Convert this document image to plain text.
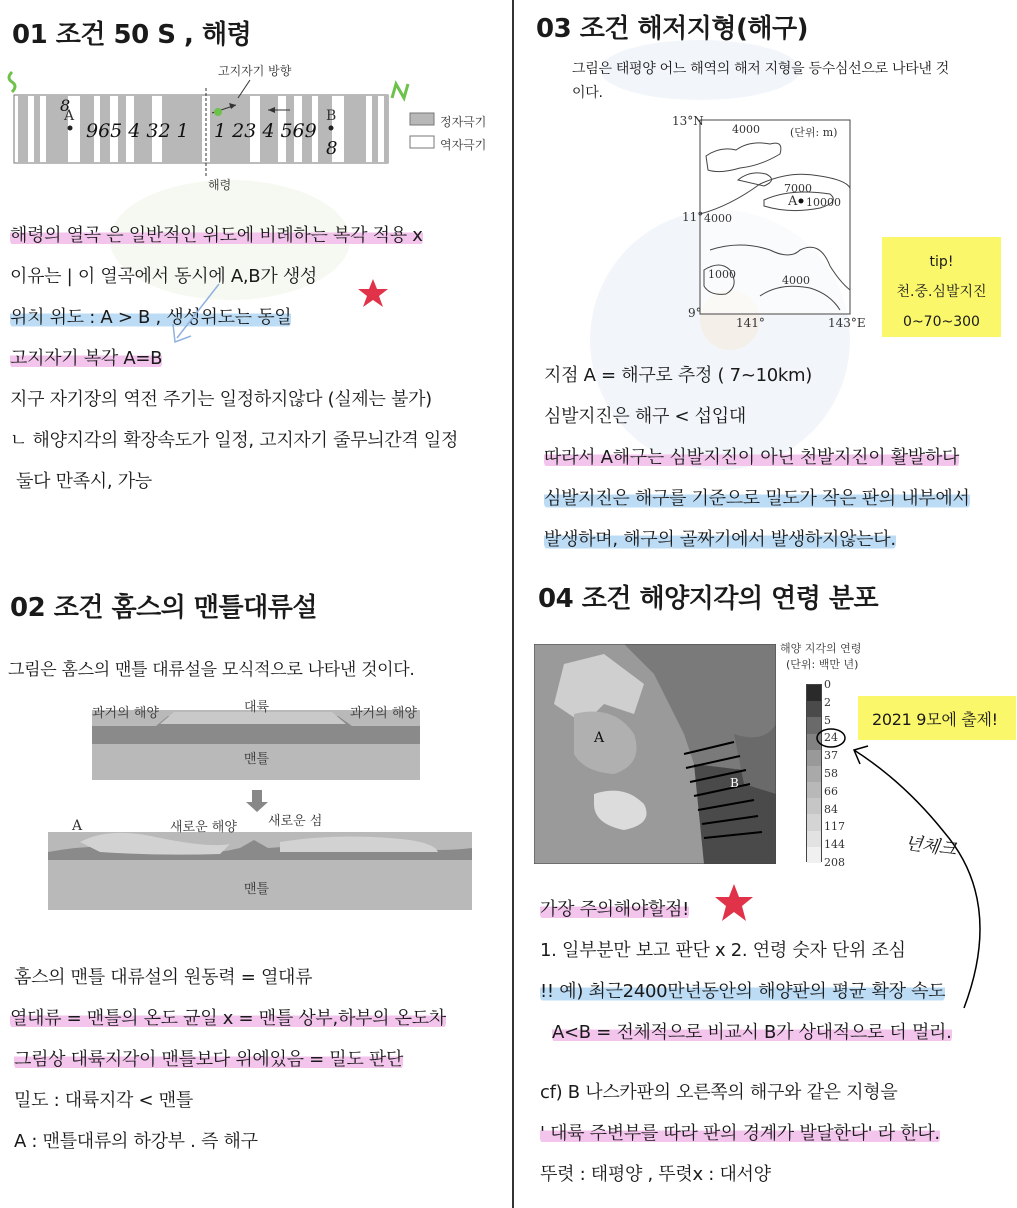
01 조건 50 S , 해령
고지자기 방향
해령
정자극기
역자극기
A	B
965 4 32 1 1 23 4 569
8
8
해령의 열곡 은 일반적인 위도에 비례하는 복각 적용 x
이유는 | 이 열곡에서 동시에 A,B가 생성
위치 위도 : A > B , 생성위도는 동일
고지자기 복각 A=B
지구 자기장의 역전 주기는 일정하지않다 (실제는 불가)
ㄴ 해양지각의 확장속도가 일정, 고지자기 줄무늬간격 일정
둘다 만족시, 가능
02 조건 홈스의 맨틀대류설
그림은 홈스의 맨틀 대류설을 모식적으로 나타낸 것이다.
과거의 해양	대륙	과거의 해양
맨틀
A	새로운 해양 새로운 섬
맨틀
홈스의 맨틀 대류설의 원동력 = 열대류
열대류 = 맨틀의 온도 균일 x = 맨틀 상부,하부의 온도차
그림상 대륙지각이 맨틀보다 위에있음 = 밀도 판단
밀도 : 대륙지각 < 맨틀
A : 맨틀대류의 하강부 . 즉 해구
03 조건 해저지형(해구)
그림은 태평양 어느 해역의 해저 지형을 등수심선으로 나타낸 것
이다.
13°N
11°
9°
141°	143°E
(단위: m)
4000
7000
A 10000
4000
1000	4000
tip!
천.중.심발지진
0~70~300
지점 A = 해구로 추정 ( 7~10km)
심발지진은 해구 < 섭입대
따라서 A해구는 심발지진이 아닌 천발지진이 활발하다
심발지진은 해구를 기준으로 밀도가 작은 판의 내부에서
발생하며, 해구의 골짜기에서 발생하지않는다.
04 조건 해양지각의 연령 분포
A
B
해양 지각의 연령
(단위: 백만 년)
0
2
5
24
37
58
66
84
117
144
208
2021 9모에 출제!
년체크
가장 주의해야할점!
1. 일부분만 보고 판단 x 2. 연령 숫자 단위 조심
!! 예) 최근2400만년동안의 해양판의 평균 확장 속도
A<B = 전체적으로 비교시 B가 상대적으로 더 멀리.
cf) B 나스카판의 오른쪽의 해구와 같은 지형을
' 대륙 주변부를 따라 판의 경계가 발달한다' 라 한다.
뚜렷 : 태평양 , 뚜렷x : 대서양
